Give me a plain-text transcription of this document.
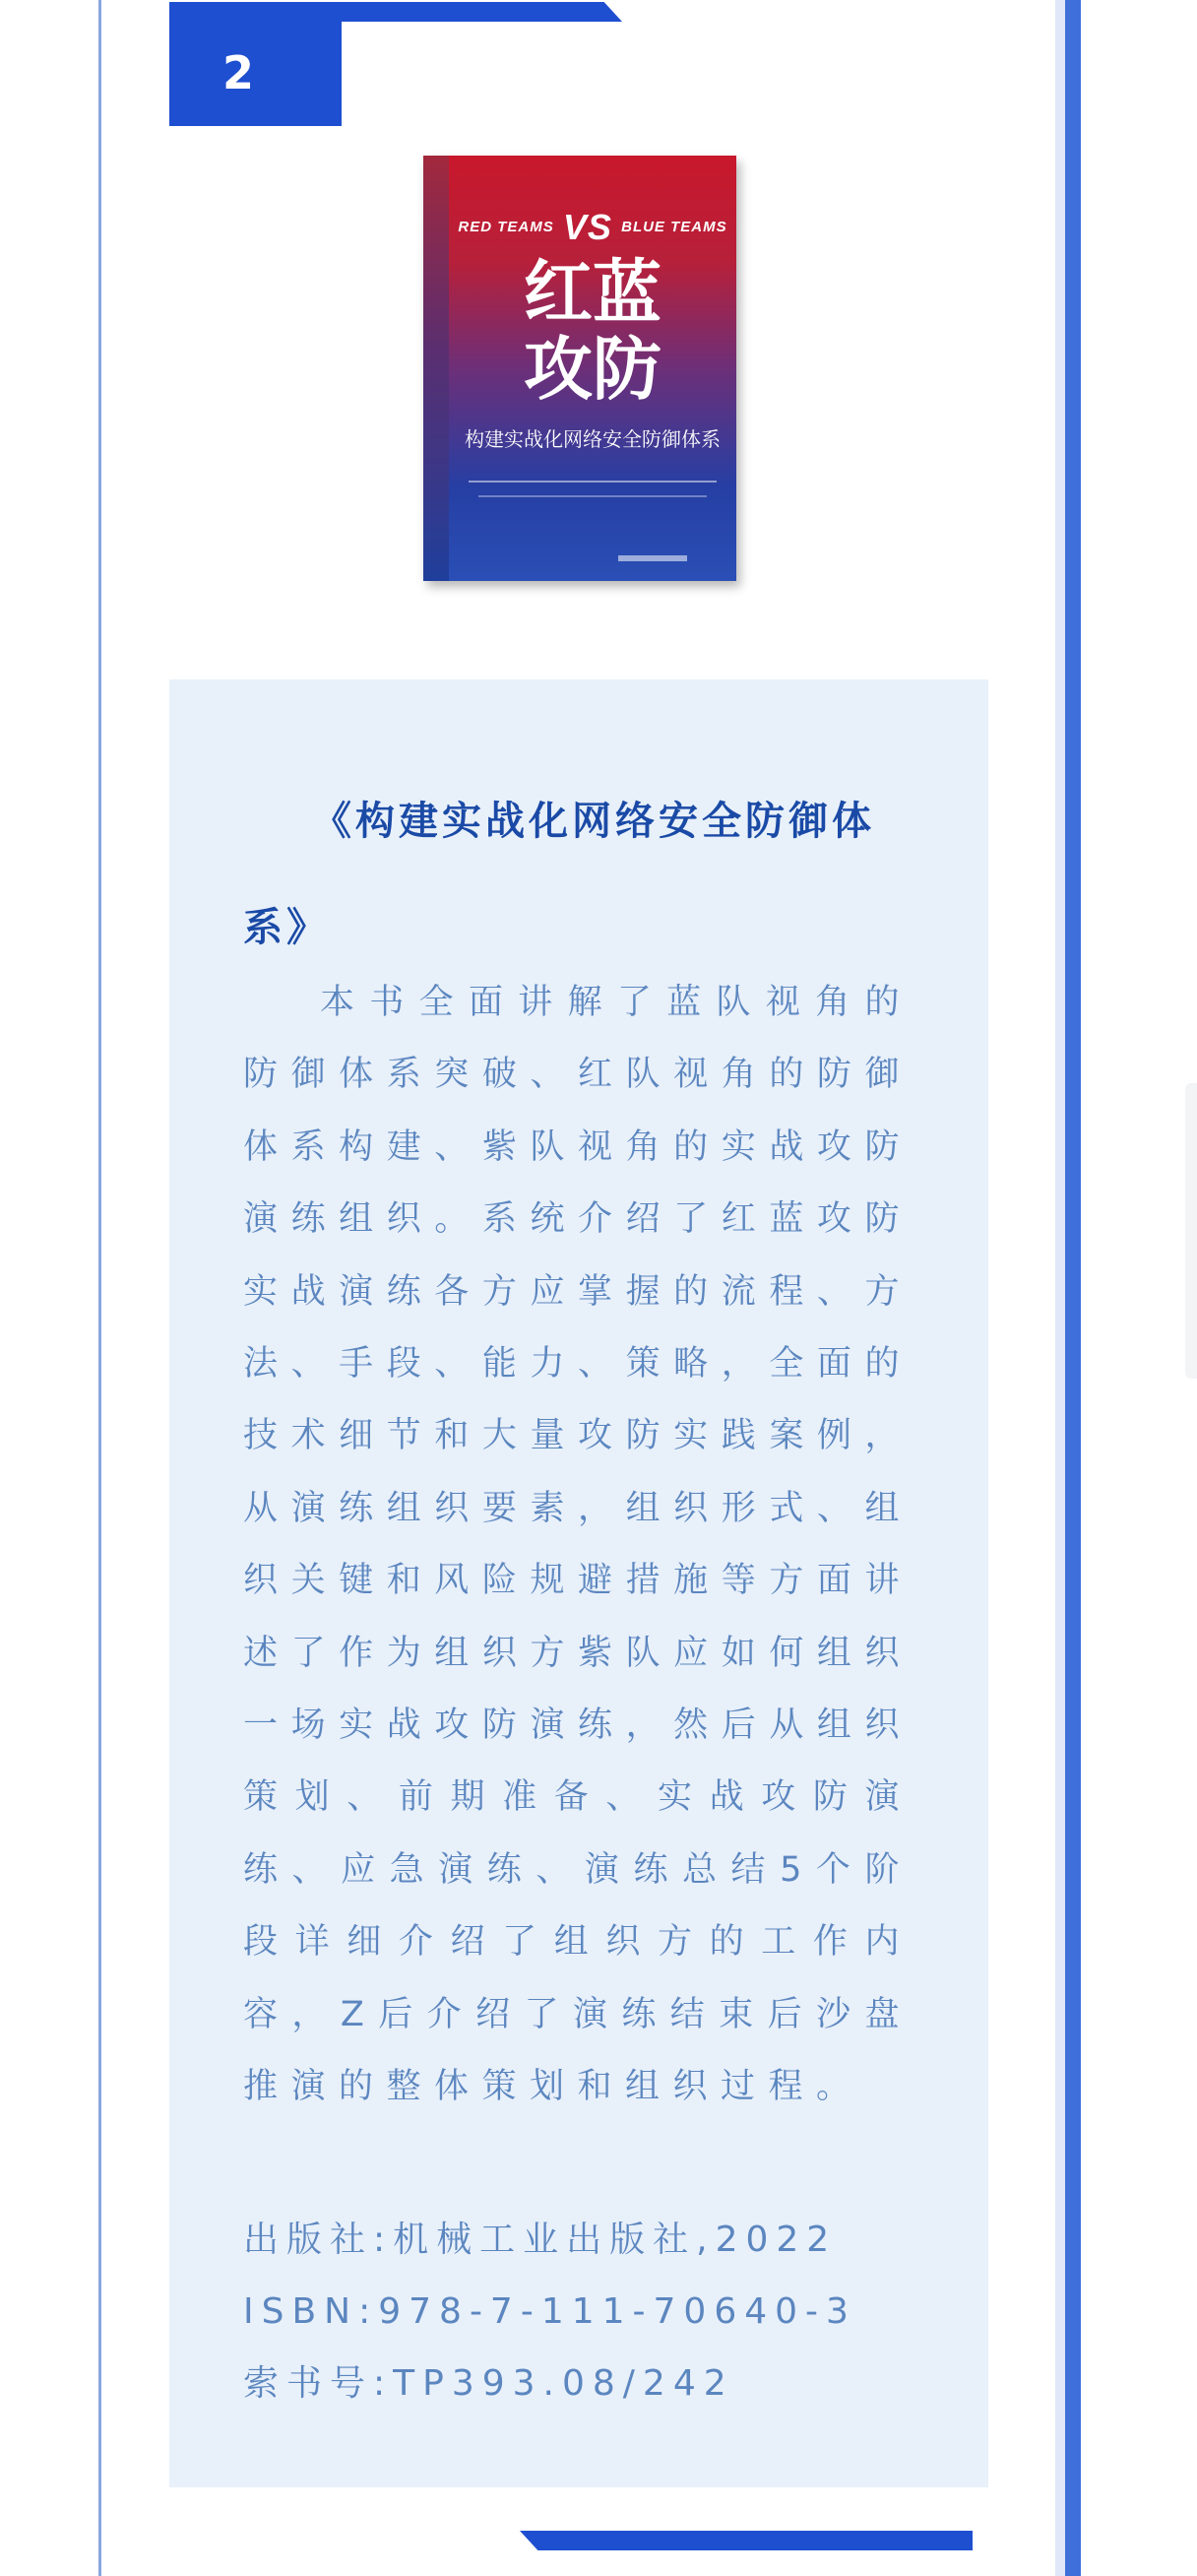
2
RED TEAMS VS BLUE TEAMS
红蓝
攻防
构建实战化网络安全防御体系
《构建实战化网络安全防御体系》
本书全面讲解了蓝队视角的防御体系突破、红队视角的防御体系构建、紫队视角的实战攻防演练组织。系统介绍了红蓝攻防实战演练各方应掌握的流程、方法、手段、能力、策略，全面的技术细节和大量攻防实践案例，从演练组织要素，组织形式、组织关键和风险规避措施等方面讲述了作为组织方紫队应如何组织一场实战攻防演练，然后从组织策划、前期准备、实战攻防演练、应急演练、演练总结5个阶段详细介绍了组织方的工作内容，Z后介绍了演练结束后沙盘推演的整体策划和组织过程。
出版社:机械工业出版社,2022
ISBN:978-7-111-70640-3
索书号:TP393.08/242
